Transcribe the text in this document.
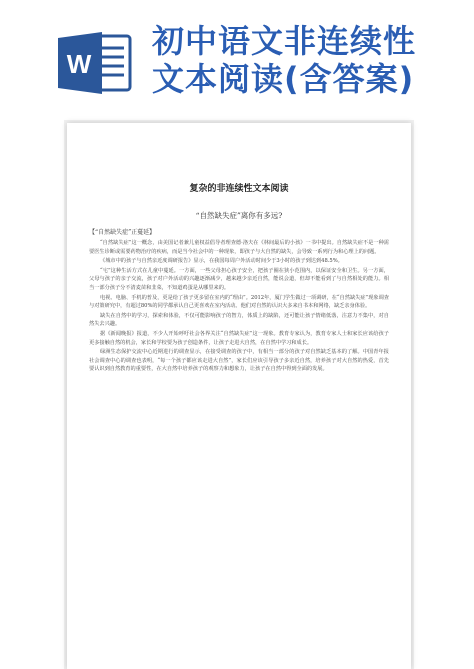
W
初中语文非连续性
文本阅读(含答案)
复杂的非连续性文本阅读
“自然缺失症”离你有多远?
【“自然缺失症”正蔓延】

“自然缺失症”这一概念，由美国记者兼儿童权益倡导者理查德·洛夫在《林间最后的小孩》一书中提出。自然缺失症不是一种需要医生诊断或需要药物治疗的疾病，而是当今社会中的一种现象，即孩子与大自然的缺失，会导致一系列行为和心理上的问题。

《城市中的孩子与自然亲近度调研报告》显示，在我国每周户外活动时间少于3小时的孩子到达到48.5%。

“宅”这种生活方式在儿童中蔓延。一方面，一些父母担心孩子安全，把孩子圈在狭小范围内，以保证安全和卫生。另一方面，父母与孩子的亲子交流，孩子对户外活动的兴趣逐渐减少，越来越少亲近自然，能说会道，但却不能看到了与自然相处的能力。相当一部分孩子分不清麦苗和韭菜，不知道鸡蛋是从哪里来的。

电视、电脑、手机的普及，更是给了孩子更多留在室内的“理由”。2012年，厦门学生做过一项调研，在“自然缺失症”现象调查与对策研究中，有超过80%的同学都承认自己更喜欢在室内活动。他们对自然的认识大多来自书本和网络，缺乏亲身体验。

缺失在自然中的学习，探索和体验，不仅可能影响孩子的智力，体质上的缺陷，还可能让孩子情绪低落，注意力不集中，对自然失去兴趣。

据《新闻晚报》报道，不少人开始呼吁社会各界关注“自然缺失症”这一现象。教育专家认为，教育专家人士和家长应该给孩子更多接触自然的机会，家长和学校要为孩子创造条件，让孩子走进大自然，在自然中学习和成长。

绿洲生态保护交流中心近期进行的调查显示，在接受调查的孩子中，有相当一部分的孩子对自然缺乏基本的了解。中国青年报社会调查中心的调查也表明，“每一个孩子都应该走进大自然”，家长们应该引导孩子多亲近自然，培养孩子对大自然的热爱，首先要认识到自然教育的重要性，在大自然中培养孩子的观察力和想象力，让孩子在自然中得到全面的发展。
